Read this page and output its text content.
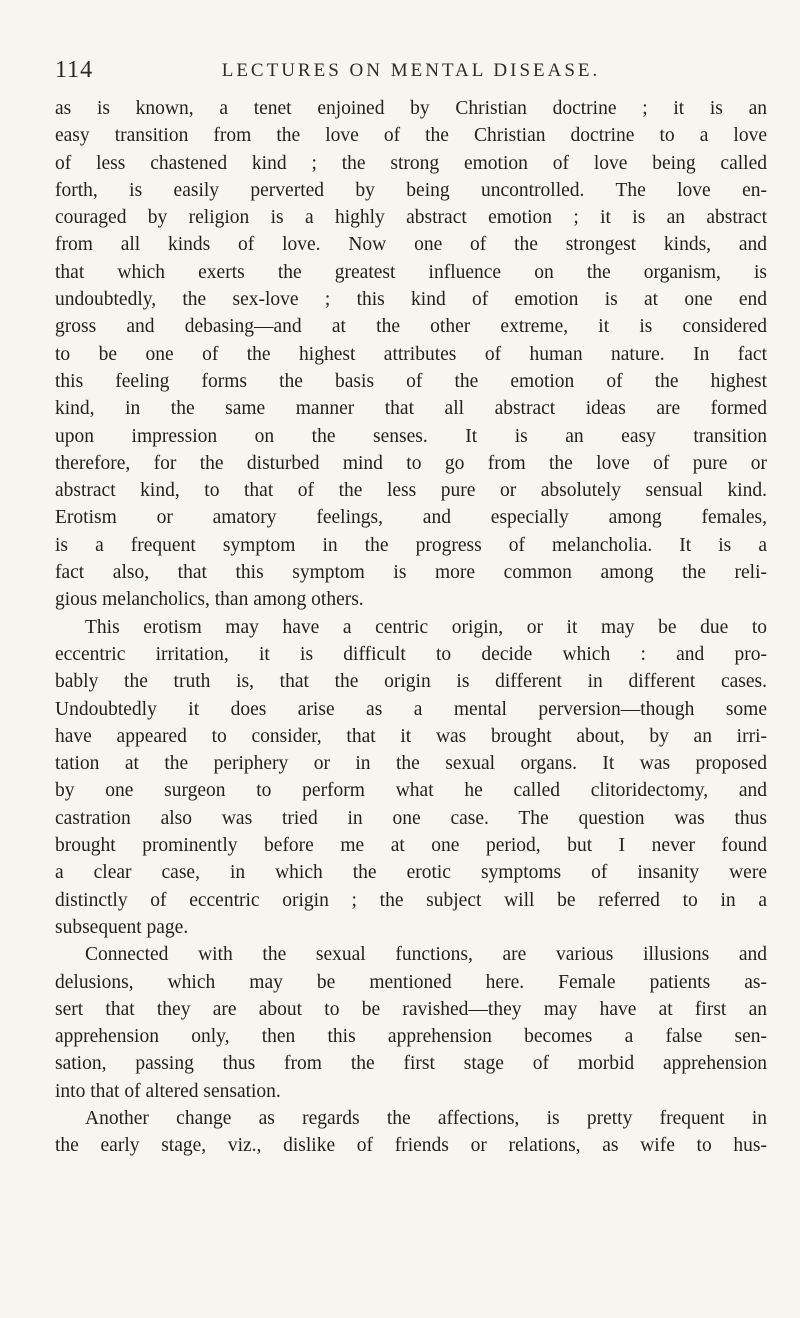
114	LECTURES ON MENTAL DISEASE.
as is known, a tenet enjoined by Christian doctrine ; it is an
easy transition from the love of the Christian doctrine to a love
of less chastened kind ; the strong emotion of love being called
forth, is easily perverted by being uncontrolled. The love en-
couraged by religion is a highly abstract emotion ; it is an abstract
from all kinds of love. Now one of the strongest kinds, and
that which exerts the greatest influence on the organism, is
undoubtedly, the sex-love ; this kind of emotion is at one end
gross and debasing—and at the other extreme, it is considered
to be one of the highest attributes of human nature. In fact
this feeling forms the basis of the emotion of the highest
kind, in the same manner that all abstract ideas are formed
upon impression on the senses. It is an easy transition
therefore, for the disturbed mind to go from the love of pure or
abstract kind, to that of the less pure or absolutely sensual kind.
Erotism or amatory feelings, and especially among females,
is a frequent symptom in the progress of melancholia. It is a
fact also, that this symptom is more common among the reli-
gious melancholics, than among others.
This erotism may have a centric origin, or it may be due to
eccentric irritation, it is difficult to decide which : and pro-
bably the truth is, that the origin is different in different cases.
Undoubtedly it does arise as a mental perversion—though some
have appeared to consider, that it was brought about, by an irri-
tation at the periphery or in the sexual organs. It was proposed
by one surgeon to perform what he called clitoridectomy, and
castration also was tried in one case. The question was thus
brought prominently before me at one period, but I never found
a clear case, in which the erotic symptoms of insanity were
distinctly of eccentric origin ; the subject will be referred to in a
subsequent page.
Connected with the sexual functions, are various illusions and
delusions, which may be mentioned here. Female patients as-
sert that they are about to be ravished—they may have at first an
apprehension only, then this apprehension becomes a false sen-
sation, passing thus from the first stage of morbid apprehension
into that of altered sensation.
Another change as regards the affections, is pretty frequent in
the early stage, viz., dislike of friends or relations, as wife to hus-
